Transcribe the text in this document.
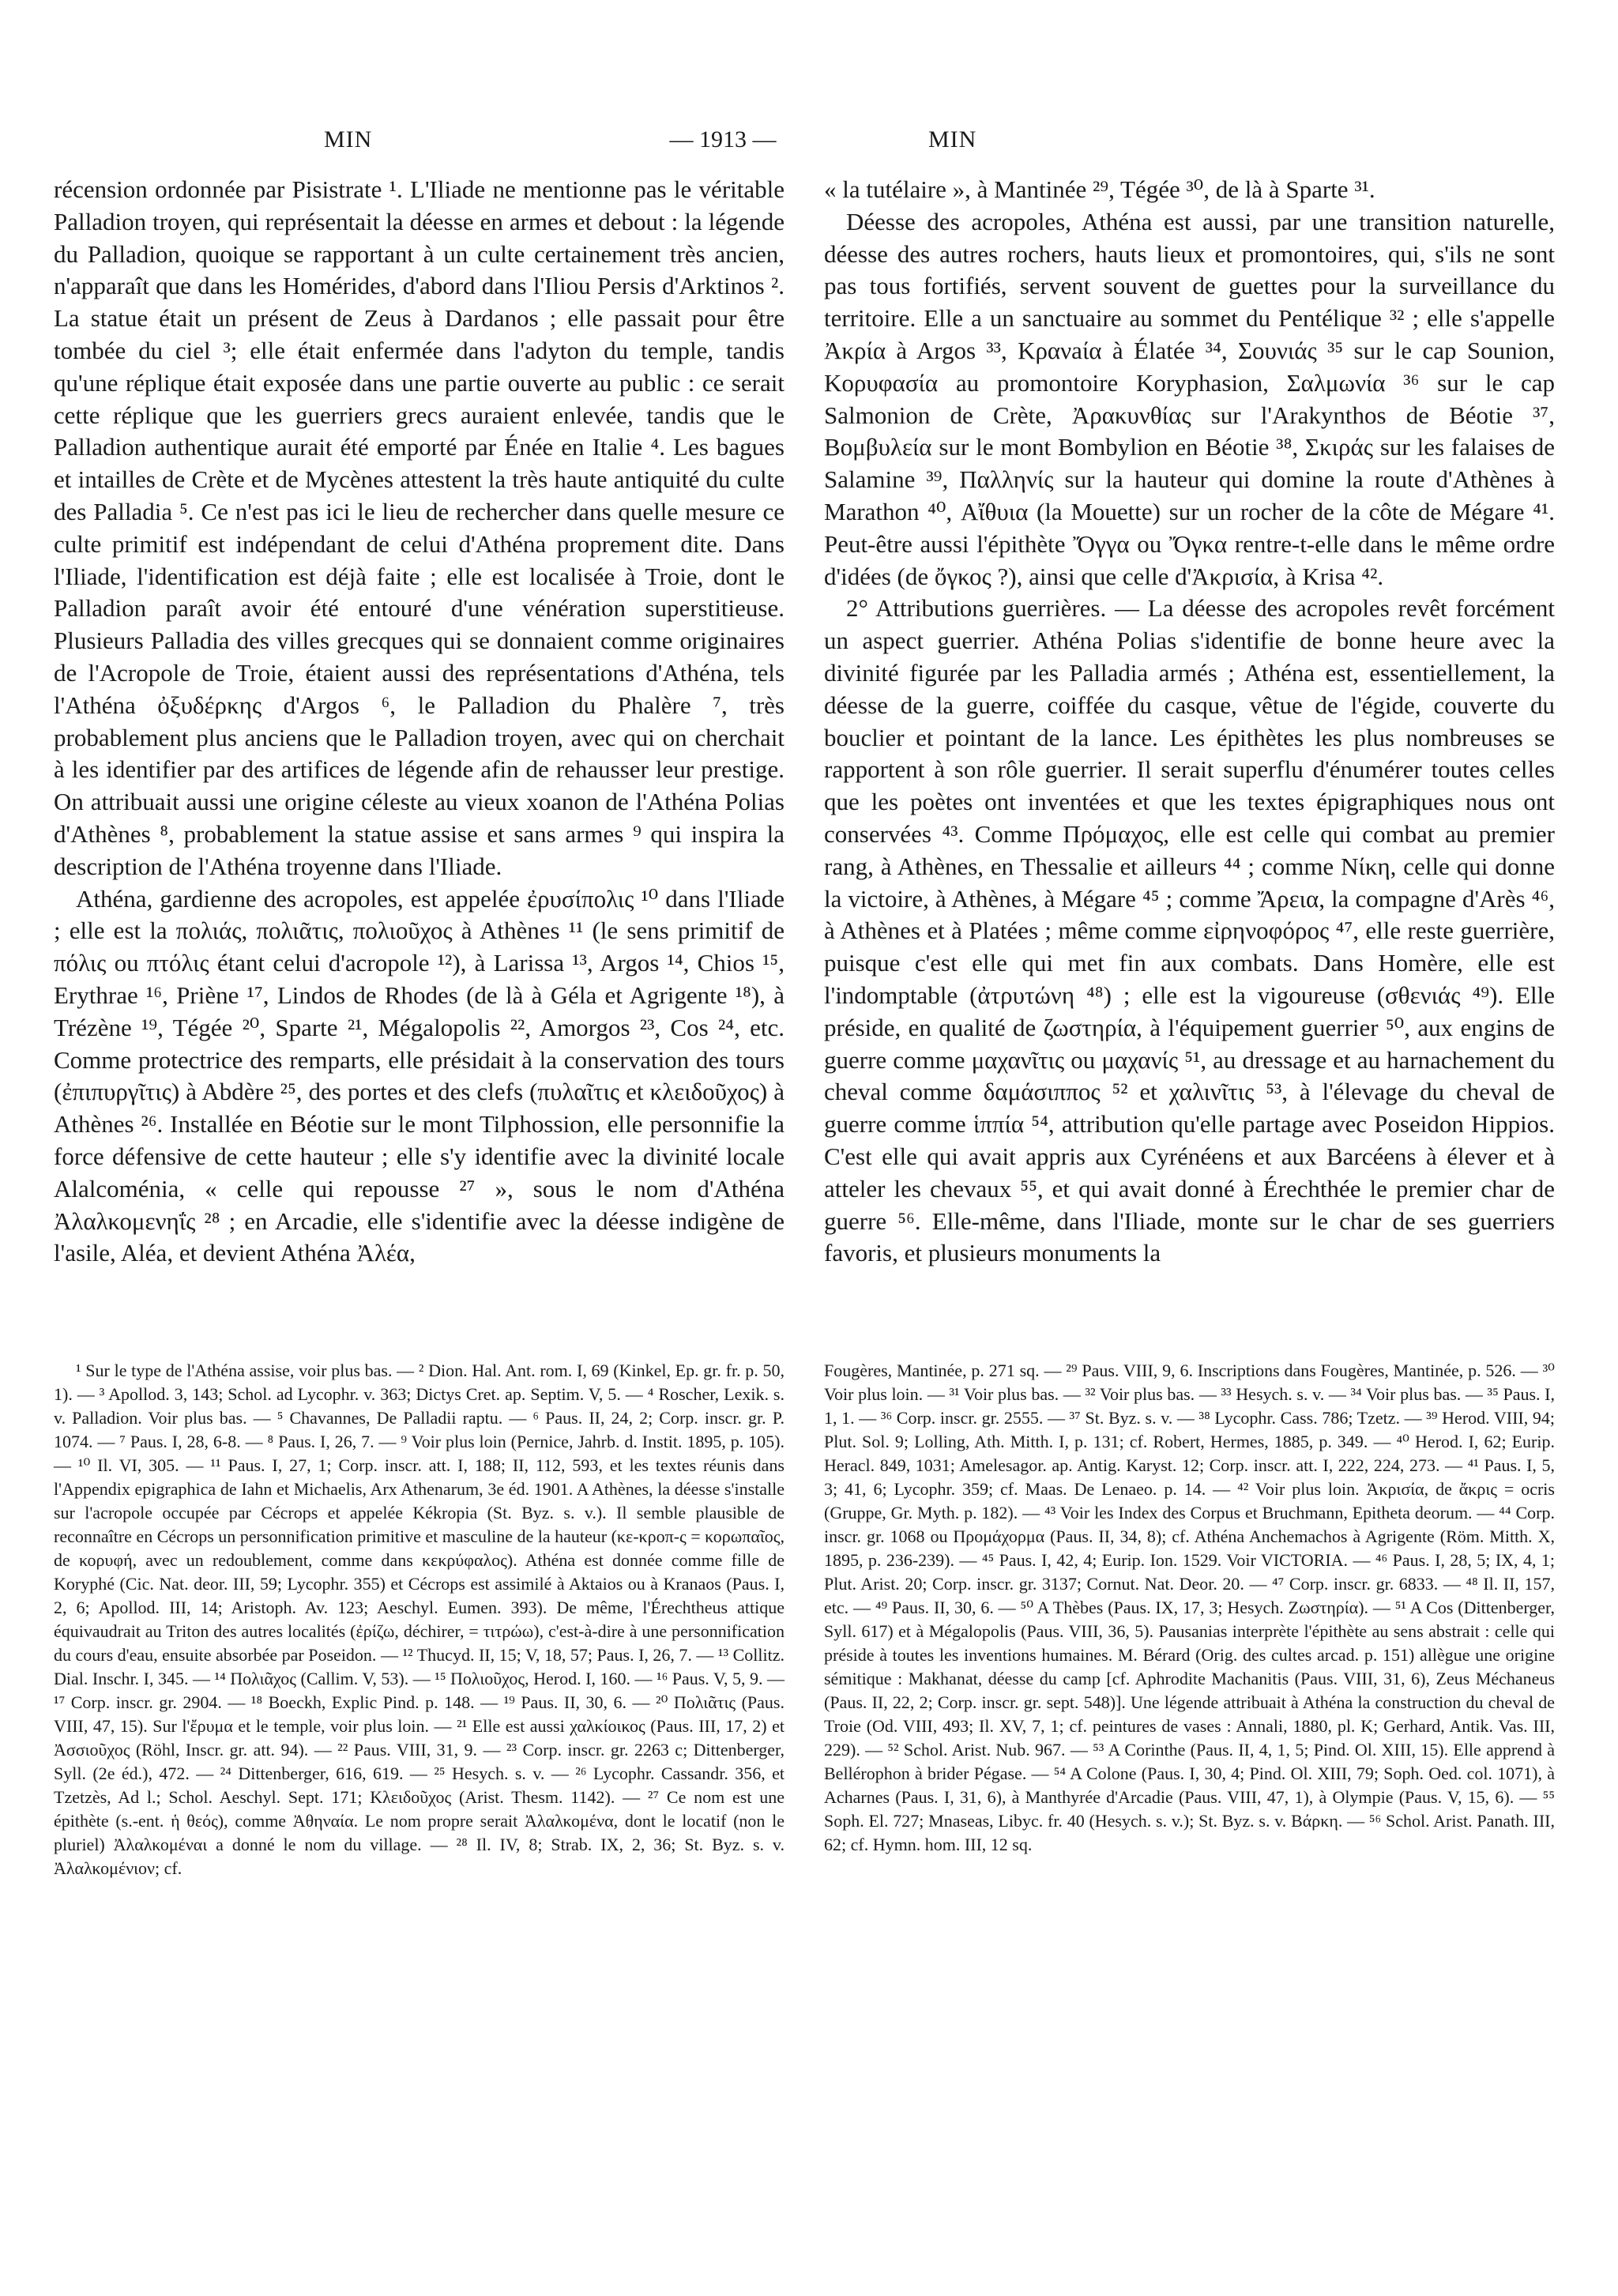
MIN	— 1913 —	MIN

récension ordonnée par Pisistrate ¹. L'Iliade ne mentionne pas le véritable Palladion troyen, qui représentait la déesse en armes et debout : la légende du Palladion, quoique se rapportant à un culte certainement très ancien, n'apparaît que dans les Homérides, d'abord dans l'Iliou Persis d'Arktinos ². La statue était un présent de Zeus à Dardanos ; elle passait pour être tombée du ciel ³; elle était enfermée dans l'adyton du temple, tandis qu'une réplique était exposée dans une partie ouverte au public : ce serait cette réplique que les guerriers grecs auraient enlevée, tandis que le Palladion authentique aurait été emporté par Énée en Italie ⁴. Les bagues et intailles de Crète et de Mycènes attestent la très haute antiquité du culte des Palladia ⁵. Ce n'est pas ici le lieu de rechercher dans quelle mesure ce culte primitif est indépendant de celui d'Athéna proprement dite. Dans l'Iliade, l'identification est déjà faite ; elle est localisée à Troie, dont le Palladion paraît avoir été entouré d'une vénération superstitieuse. Plusieurs Palladia des villes grecques qui se donnaient comme originaires de l'Acropole de Troie, étaient aussi des représentations d'Athéna, tels l'Athéna ὀξυδέρκης d'Argos ⁶, le Palladion du Phalère ⁷, très probablement plus anciens que le Palladion troyen, avec qui on cherchait à les identifier par des artifices de légende afin de rehausser leur prestige. On attribuait aussi une origine céleste au vieux xoanon de l'Athéna Polias d'Athènes ⁸, probablement la statue assise et sans armes ⁹ qui inspira la description de l'Athéna troyenne dans l'Iliade.

Athéna, gardienne des acropoles, est appelée ἐρυσίπολις ¹⁰ dans l'Iliade ; elle est la πολιάς, πολιᾶτις, πολιοῦχος à Athènes ¹¹ (le sens primitif de πόλις ou πτόλις étant celui d'acropole ¹²), à Larissa ¹³, Argos ¹⁴, Chios ¹⁵, Erythrae ¹⁶, Priène ¹⁷, Lindos de Rhodes (de là à Géla et Agrigente ¹⁸), à Trézène ¹⁹, Tégée ²⁰, Sparte ²¹, Mégalopolis ²², Amorgos ²³, Cos ²⁴, etc. Comme protectrice des remparts, elle présidait à la conservation des tours (ἐπιπυργῖτις) à Abdère ²⁵, des portes et des clefs (πυλαῖτις et κλειδοῦχος) à Athènes ²⁶. Installée en Béotie sur le mont Tilphossion, elle personnifie la force défensive de cette hauteur ; elle s'y identifie avec la divinité locale Alalcoménia, « celle qui repousse ²⁷ », sous le nom d'Athéna Ἀλαλκομενηΐς ²⁸ ; en Arcadie, elle s'identifie avec la déesse indigène de l'asile, Aléa, et devient Athéna Ἀλέα,

« la tutélaire », à Mantinée ²⁹, Tégée ³⁰, de là à Sparte ³¹.

Déesse des acropoles, Athéna est aussi, par une transition naturelle, déesse des autres rochers, hauts lieux et promontoires, qui, s'ils ne sont pas tous fortifiés, servent souvent de guettes pour la surveillance du territoire. Elle a un sanctuaire au sommet du Pentélique ³² ; elle s'appelle Ἀκρία à Argos ³³, Κρανaία à Élatée ³⁴, Σουνιάς ³⁵ sur le cap Sounion, Κορυφασία au promontoire Koryphasion, Σαλμωνία ³⁶ sur le cap Salmonion de Crète, Ἀρακυνθίας sur l'Arakynthos de Béotie ³⁷, Βομβυλεία sur le mont Bombylion en Béotie ³⁸, Σκιράς sur les falaises de Salamine ³⁹, Παλληνίς sur la hauteur qui domine la route d'Athènes à Marathon ⁴⁰, Αἴθυια (la Mouette) sur un rocher de la côte de Mégare ⁴¹. Peut-être aussi l'épithète Ὄγγα ou Ὄγκα rentre-t-elle dans le même ordre d'idées (de ὄγκος ?), ainsi que celle d'Ἀκρισία, à Krisa ⁴².

2° Attributions guerrières. — La déesse des acropoles revêt forcément un aspect guerrier. Athéna Polias s'identifie de bonne heure avec la divinité figurée par les Palladia armés ; Athéna est, essentiellement, la déesse de la guerre, coiffée du casque, vêtue de l'égide, couverte du bouclier et pointant de la lance. Les épithètes les plus nombreuses se rapportent à son rôle guerrier. Il serait superflu d'énumérer toutes celles que les poètes ont inventées et que les textes épigraphiques nous ont conservées ⁴³. Comme Πρόμαχος, elle est celle qui combat au premier rang, à Athènes, en Thessalie et ailleurs ⁴⁴ ; comme Νίκη, celle qui donne la victoire, à Athènes, à Mégare ⁴⁵ ; comme Ἄρεια, la compagne d'Arès ⁴⁶, à Athènes et à Platées ; même comme εἰρηνοφόρος ⁴⁷, elle reste guerrière, puisque c'est elle qui met fin aux combats. Dans Homère, elle est l'indomptable (ἀτρυτώνη ⁴⁸) ; elle est la vigoureuse (σθενιάς ⁴⁹). Elle préside, en qualité de ζωστηρία, à l'équipement guerrier ⁵⁰, aux engins de guerre comme μαχανῖτις ou μαχανίς ⁵¹, au dressage et au harnachement du cheval comme δαμάσιππος ⁵² et χαλινῖτις ⁵³, à l'élevage du cheval de guerre comme ἱππία ⁵⁴, attribution qu'elle partage avec Poseidon Hippios. C'est elle qui avait appris aux Cyrénéens et aux Barcéens à élever et à atteler les chevaux ⁵⁵, et qui avait donné à Érechthée le premier char de guerre ⁵⁶. Elle-même, dans l'Iliade, monte sur le char de ses guerriers favoris, et plusieurs monuments la

¹ Sur le type de l'Athéna assise, voir plus bas. — ² Dion. Hal. Ant. rom. I, 69 (Kinkel, Ep. gr. fr. p. 50, 1). — ³ Apollod. 3, 143; Schol. ad Lycophr. v. 363; Dictys Cret. ap. Septim. V, 5. — ⁴ Roscher, Lexik. s. v. Palladion. Voir plus bas. — ⁵ Chavannes, De Palladii raptu. — ⁶ Paus. II, 24, 2; Corp. inscr. gr. P. 1074. — ⁷ Paus. I, 28, 6-8. — ⁸ Paus. I, 26, 7. — ⁹ Voir plus loin (Pernice, Jahrb. d. Instit. 1895, p. 105). — ¹⁰ Il. VI, 305. — ¹¹ Paus. I, 27, 1; Corp. inscr. att. I, 188; II, 112, 593, et les textes réunis dans l'Appendix epigraphica de Iahn et Michaelis, Arx Athenarum, 3e éd. 1901. A Athènes, la déesse s'installe sur l'acropole occupée par Cécrops et appelée Kékropia (St. Byz. s. v.). Il semble plausible de reconnaître en Cécrops un personnification primitive et masculine de la hauteur (κε-κροπ-ς = κορωπαῖος, de κορυφή, avec un redoublement, comme dans κεκρύφαλος). Athéna est donnée comme fille de Koryphé (Cic. Nat. deor. III, 59; Lycophr. 355) et Cécrops est assimilé à Aktaios ou à Kranaos (Paus. I, 2, 6; Apollod. III, 14; Aristoph. Av. 123; Aeschyl. Eumen. 393). De même, l'Érechtheus attique équivaudrait au Triton des autres localités (ἐρίζω, déchirer, = τιτρώω), c'est-à-dire à une personnification du cours d'eau, ensuite absorbée par Poseidon. — ¹² Thucyd. II, 15; V, 18, 57; Paus. I, 26, 7. — ¹³ Collitz. Dial. Inschr. I, 345. — ¹⁴ Πολιᾶχος (Callim. V, 53). — ¹⁵ Πολιοῦχος, Herod. I, 160. — ¹⁶ Paus. V, 5, 9. — ¹⁷ Corp. inscr. gr. 2904. — ¹⁸ Boeckh, Explic Pind. p. 148. — ¹⁹ Paus. II, 30, 6. — ²⁰ Πολιᾶτις (Paus. VIII, 47, 15). Sur l'ἔρυμα et le temple, voir plus loin. — ²¹ Elle est aussi χαλκίοικος (Paus. III, 17, 2) et Ἀσσιοῦχος (Röhl, Inscr. gr. att. 94). — ²² Paus. VIII, 31, 9. — ²³ Corp. inscr. gr. 2263 c; Dittenberger, Syll. (2e éd.), 472. — ²⁴ Dittenberger, 616, 619. — ²⁵ Hesych. s. v. — ²⁶ Lycophr. Cassandr. 356, et Tzetzès, Ad l.; Schol. Aeschyl. Sept. 171; Κλειδοῦχος (Arist. Thesm. 1142). — ²⁷ Ce nom est une épithète (s.-ent. ἡ θεός), comme Ἀθηναία. Le nom propre serait Ἀλαλκομένα, dont le locatif (non le pluriel) Ἀλαλκομέναι a donné le nom du village. — ²⁸ Il. IV, 8; Strab. IX, 2, 36; St. Byz. s. v. Ἀλαλκομένιον; cf.

Fougères, Mantinée, p. 271 sq. — ²⁹ Paus. VIII, 9, 6. Inscriptions dans Fougères, Mantinée, p. 526. — ³⁰ Voir plus loin. — ³¹ Voir plus bas. — ³² Voir plus bas. — ³³ Hesych. s. v. — ³⁴ Voir plus bas. — ³⁵ Paus. I, 1, 1. — ³⁶ Corp. inscr. gr. 2555. — ³⁷ St. Byz. s. v. — ³⁸ Lycophr. Cass. 786; Tzetz. — ³⁹ Herod. VIII, 94; Plut. Sol. 9; Lolling, Ath. Mitth. I, p. 131; cf. Robert, Hermes, 1885, p. 349. — ⁴⁰ Herod. I, 62; Eurip. Heracl. 849, 1031; Amelesagor. ap. Antig. Karyst. 12; Corp. inscr. att. I, 222, 224, 273. — ⁴¹ Paus. I, 5, 3; 41, 6; Lycophr. 359; cf. Maas. De Lenaeo. p. 14. — ⁴² Voir plus loin. Ἀκρισία, de ἄκρις = ocris (Gruppe, Gr. Myth. p. 182). — ⁴³ Voir les Index des Corpus et Bruchmann, Epitheta deorum. — ⁴⁴ Corp. inscr. gr. 1068 ou Προμάχορμα (Paus. II, 34, 8); cf. Athéna Anchemachos à Agrigente (Röm. Mitth. X, 1895, p. 236-239). — ⁴⁵ Paus. I, 42, 4; Eurip. Ion. 1529. Voir VICTORIA. — ⁴⁶ Paus. I, 28, 5; IX, 4, 1; Plut. Arist. 20; Corp. inscr. gr. 3137; Cornut. Nat. Deor. 20. — ⁴⁷ Corp. inscr. gr. 6833. — ⁴⁸ Il. II, 157, etc. — ⁴⁹ Paus. II, 30, 6. — ⁵⁰ A Thèbes (Paus. IX, 17, 3; Hesych. Ζωστηρία). — ⁵¹ A Cos (Dittenberger, Syll. 617) et à Mégalopolis (Paus. VIII, 36, 5). Pausanias interprète l'épithète au sens abstrait : celle qui préside à toutes les inventions humaines. M. Bérard (Orig. des cultes arcad. p. 151) allègue une origine sémitique : Makhanat, déesse du camp [cf. Aphrodite Machanitis (Paus. VIII, 31, 6), Zeus Méchaneus (Paus. II, 22, 2; Corp. inscr. gr. sept. 548)]. Une légende attribuait à Athéna la construction du cheval de Troie (Od. VIII, 493; Il. XV, 7, 1; cf. peintures de vases : Annali, 1880, pl. K; Gerhard, Antik. Vas. III, 229). — ⁵² Schol. Arist. Nub. 967. — ⁵³ A Corinthe (Paus. II, 4, 1, 5; Pind. Ol. XIII, 15). Elle apprend à Bellérophon à brider Pégase. — ⁵⁴ A Colone (Paus. I, 30, 4; Pind. Ol. XIII, 79; Soph. Oed. col. 1071), à Acharnes (Paus. I, 31, 6), à Manthyrée d'Arcadie (Paus. VIII, 47, 1), à Olympie (Paus. V, 15, 6). — ⁵⁵ Soph. El. 727; Mnaseas, Libyc. fr. 40 (Hesych. s. v.); St. Byz. s. v. Βάρκη. — ⁵⁶ Schol. Arist. Panath. III, 62; cf. Hymn. hom. III, 12 sq.
